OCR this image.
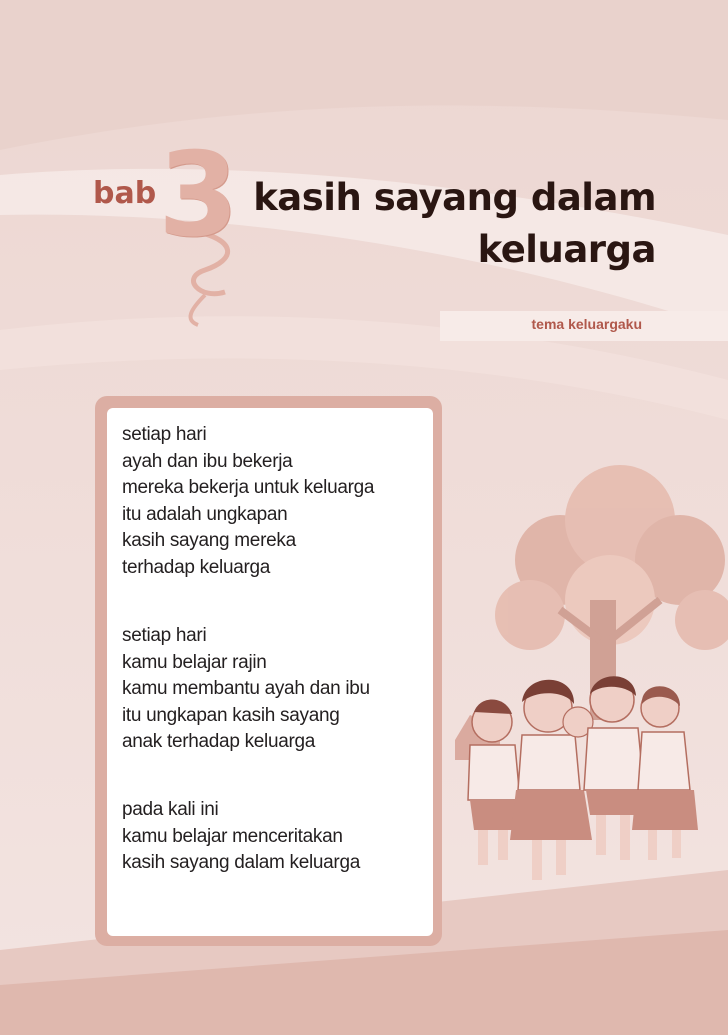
bab 3 kasih sayang dalam
keluarga
tema keluargaku
setiap hari
ayah dan ibu bekerja
mereka bekerja untuk keluarga
itu adalah ungkapan
kasih sayang mereka
terhadap keluarga
setiap hari
kamu belajar rajin
kamu membantu ayah dan ibu
itu ungkapan kasih sayang
anak terhadap keluarga
pada kali ini
kamu belajar menceritakan
kasih sayang dalam keluarga
